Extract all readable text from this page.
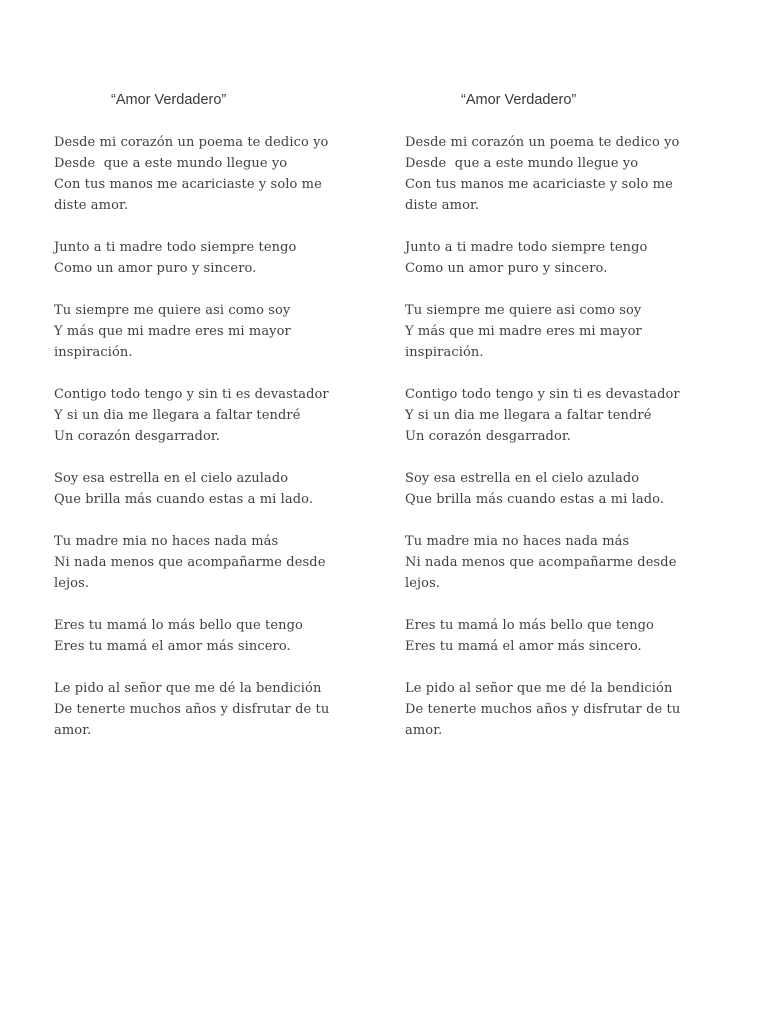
“Amor Verdadero”
Desde mi corazón un poema te dedico yo
Desde  que a este mundo llegue yo
Con tus manos me acariciaste y solo me
diste amor.
Junto a ti madre todo siempre tengo
Como un amor puro y sincero.
Tu siempre me quiere asi como soy
Y más que mi madre eres mi mayor
inspiración.
Contigo todo tengo y sin ti es devastador
Y si un dia me llegara a faltar tendré
Un corazón desgarrador.
Soy esa estrella en el cielo azulado
Que brilla más cuando estas a mi lado.
Tu madre mia no haces nada más
Ni nada menos que acompañarme desde
lejos.
Eres tu mamá lo más bello que tengo
Eres tu mamá el amor más sincero.
Le pido al señor que me dé la bendición
De tenerte muchos años y disfrutar de tu
amor.
“Amor Verdadero”
Desde mi corazón un poema te dedico yo
Desde  que a este mundo llegue yo
Con tus manos me acariciaste y solo me
diste amor.
Junto a ti madre todo siempre tengo
Como un amor puro y sincero.
Tu siempre me quiere asi como soy
Y más que mi madre eres mi mayor
inspiración.
Contigo todo tengo y sin ti es devastador
Y si un dia me llegara a faltar tendré
Un corazón desgarrador.
Soy esa estrella en el cielo azulado
Que brilla más cuando estas a mi lado.
Tu madre mia no haces nada más
Ni nada menos que acompañarme desde
lejos.
Eres tu mamá lo más bello que tengo
Eres tu mamá el amor más sincero.
Le pido al señor que me dé la bendición
De tenerte muchos años y disfrutar de tu
amor.
